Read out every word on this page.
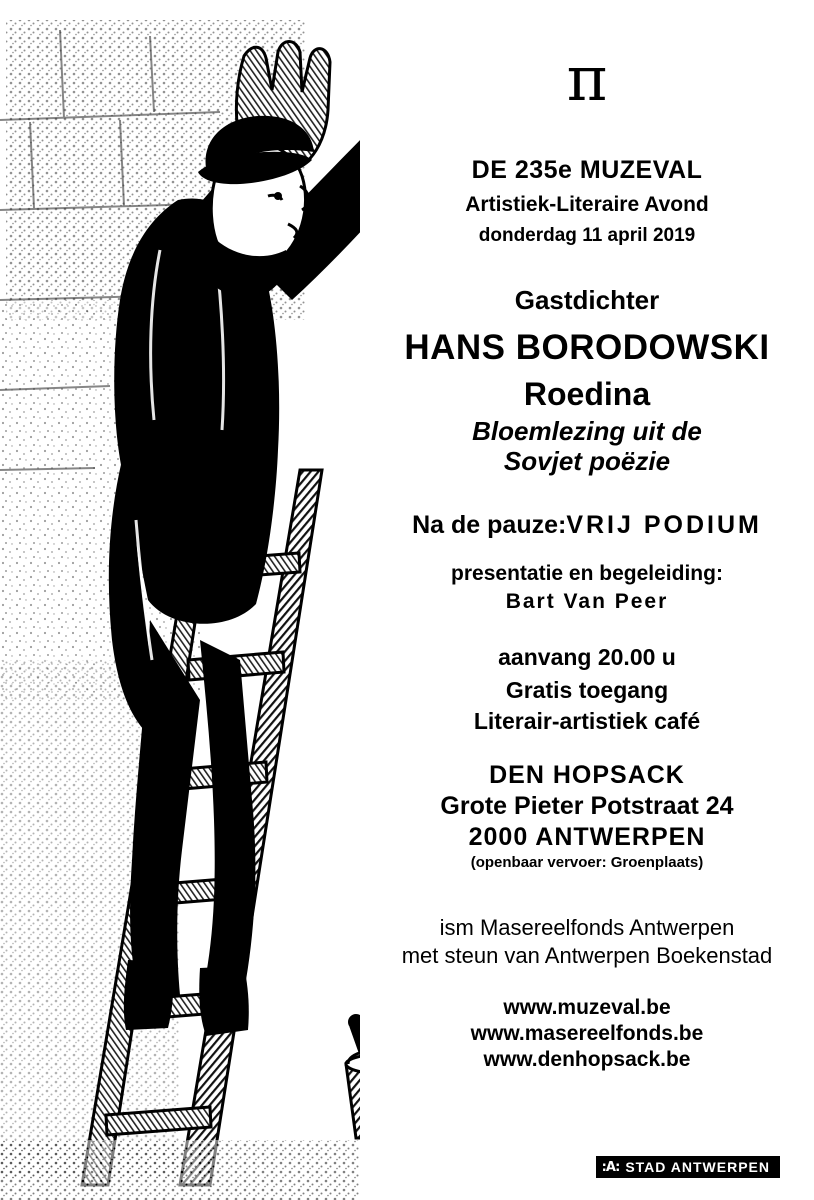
π
DE 235e MUZEVAL
Artistiek-Literaire Avond
donderdag 11 april 2019
Gastdichter
HANS BORODOWSKI
Roedina
Bloemlezing uit de
Sovjet poëzie
Na de pauze:VRIJ PODIUM
presentatie en begeleiding:
Bart Van Peer
aanvang 20.00 u
Gratis toegang
Literair-artistiek café
DEN HOPSACK
Grote Pieter Potstraat 24
2000 ANTWERPEN
(openbaar vervoer: Groenplaats)
ism Masereelfonds Antwerpen
met steun van Antwerpen Boekenstad
www.muzeval.be
www.masereelfonds.be
www.denhopsack.be
:A: STAD ANTWERPEN
